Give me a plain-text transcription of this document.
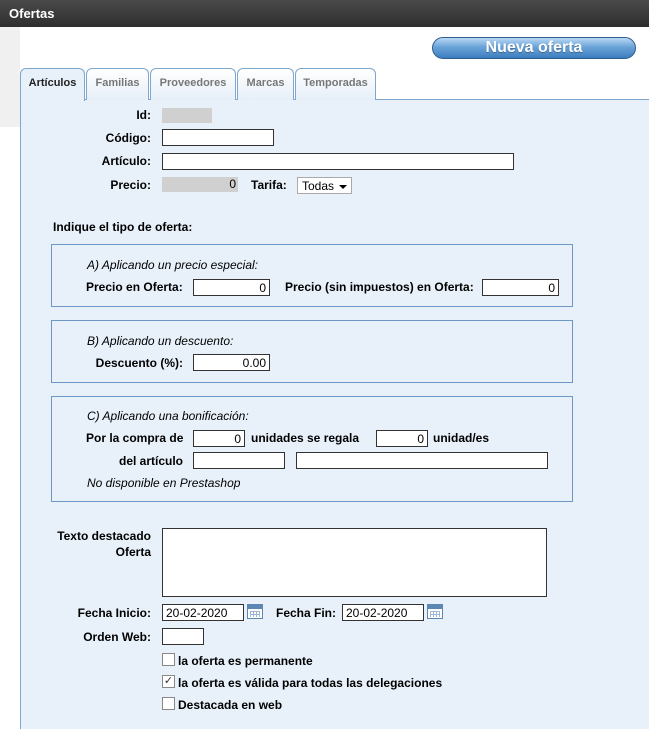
Ofertas
Nueva oferta
Artículos	Familias	Proveedores	Marcas	Temporadas
Id:
Código:
Artículo:
Precio:	0 Tarifa:	Todas
Indique el tipo de oferta:
A) Aplicando un precio especial:
Precio en Oferta:	0	Precio (sin impuestos) en Oferta:	0
B) Aplicando un descuento:
Descuento (%):	0.00
C) Aplicando una bonificación:
Por la compra de	0 unidades se regala	0 unidad/es
del artículo
No disponible en Prestashop
Texto destacado
Oferta
Fecha Inicio:	20-02-2020	Fecha Fin: 20-02-2020
Orden Web:
la oferta es permanente
✓ la oferta es válida para todas las delegaciones
Destacada en web
